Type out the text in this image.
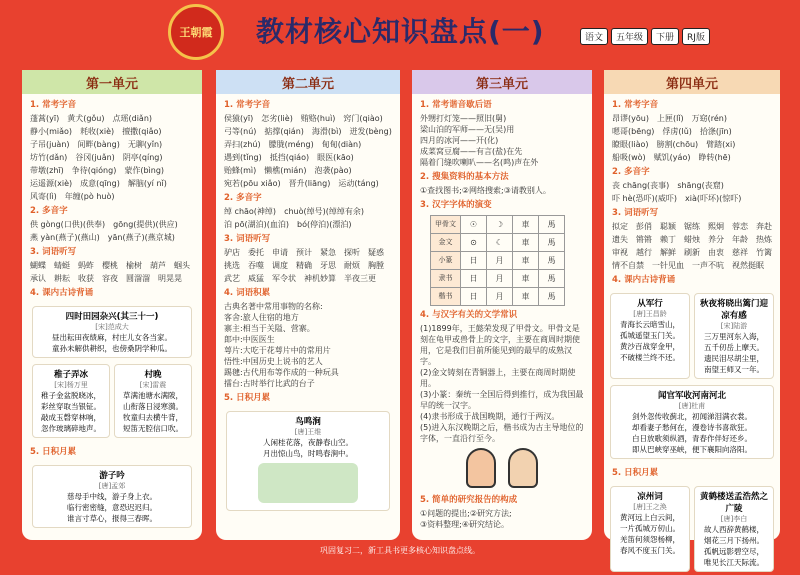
王朝霞 教材核心知识盘点(一)	语文	五年级	下册	RJ版
第一单元
1. 常考字音
蓬蒿(yī) 黄犬(gǒu) 点瑶(diǎn)
静小(miǎo) 耗收(xiè) 擅撒(qiǎo)
子吊(juàn) 间畔(bàng) 无聊(yǐn)
坊竹(dǎn) 谷冈(juǎn) 阴亭(qíng)
带墩(zhī) 争待(qióng) 蒙作(bìng)
运遥源(xiè) 成意(qīng) 解脑(yí nǐ)
风寄(lì) 年缠(pò huò)
2. 多音字
供 gòng(口供)(供奉) gōng(提供)(供应)
燕 yàn(燕子)(燕山) yān(燕子)(燕京城)
3. 词语听写
蝴蝶 蜻蜓 蚂蚱 樱桃 榆树 葫芦 蝈头
承认 耕耘 收获 容夜 圆溜溜 明晃晃
4. 课内古诗背诵
四时田园杂兴(其三十一)
[宋]范成大
昼出耘田夜绩麻，村庄儿女各当家。
童孙未解供耕织，也傍桑阴学种瓜。
稚子弄冰
[宋]杨万里
稚子金盆脱晓冰，
彩丝穿取当银钲。
敲成玉磬穿林响，
忽作玻璃碎地声。
村晚
[宋]雷震
草满池塘水满陂，
山衔落日浸寒漪。
牧童归去横牛背，
短笛无腔信口吹。
5. 日积月累
游子吟
[唐]孟郊
慈母手中线，游子身上衣。
临行密密缝，意恐迟迟归。
谁言寸草心，报得三春晖。
第二单元
1. 常考字音
侯猿(yī) 怎劣(liè) 贿赂(huì) 窍门(qiào)
弓等(nú) 掂撑(qián) 海滑(bì) 迸发(bèng)
弄扫(zhú) 朦胧(méng) 甸甸(diàn)
遇到(tǐng) 抵挡(qiáo) 眼医(kāo)
贻蜂(mì) 懒樵(mián) 泡袭(pào)
宛若(pōu xiǎo) 晋升(liāng) 运动(táng)
2. 多音字
绰 chāo(神绰) chuò(绰号)(绰绰有余)
泊 pō(湖泊)(血泊) bó(停泊)(漂泊)
3. 词语听写
驴店 委托 申请 预计 紧急 探听 疑惑
挑选 吞噬 调度 精确 牙思 耐烦 胸膛
武艺 威猛 军令状 神机妙算 半夜三更
4. 词语积累
古典名著中常用事物的名称:
客舍:旅人住宿的地方
寨主:相当于关隘、营寨。
郎中:中医医生
萼片:大吃于花萼片中的常用片
悟性:中国历史上说书的艺人
踢毽:古代用布等作成的一种玩具
擂台:古时举行比武的台子
5. 日积月累
鸟鸣涧
[唐]王维
人闲桂花落，夜静春山空。
月出惊山鸟，时鸣春涧中。
第三单元
1. 常考谐音歇后语
外甥打灯笼——照旧(舅)
梁山泊的军师——无(吴)用
四月的冰河——开(化)
成菜窝豆腐——有言(盐)在先
隔着门缝吹喇叭——名(鸣)声在外
2. 搜集资料的基本方法
①查找图书;②网络搜索;③请教别人。
3. 汉字字体的演变
甲骨文	☉	☽	車	馬
金文	⊙	☾	車	馬
小篆	日	月	車	馬
隶书	日	月	車	馬
楷书	日	月	車	馬
4. 与汉字有关的文学常识
(1)1899年，王懿荣发现了甲骨文。甲骨文是刻在龟甲或兽骨上的文字，主要在商周时期使用，它是我们目前所能见到的最早的成熟汉字。
(2)金文铸刻在青铜器上，主要在商周时期使用。
(3)小篆：秦统一全国后得到推行，成为我国最早的统一汉字。
(4)隶书形成于战国晚期，通行于两汉。
(5)进入东汉晚期之后，楷书成为古主导地位的字体，一直沿行至今。
5. 简单的研究报告的构成
①问题的提出;②研究方法;
③资料整理;④研究结论。
第四单元
1. 常考字音
昂谬(yōu) 上匣(lǐ) 万窈(rén)
嗯哥(bēng) 俘虏(lǔ) 拾涤(jīn)
瞭眼(liào) 膀割(chōu) 臂踏(xi)
船吸(wò) 赋饥(yáo) 睁转(hē)
2. 多音字
丧 chāng(丧事) shāng(丧窟)
吓 hè(恐吓)(威吓) xià(吓坏)(惊吓)
3. 词语听写
拟定 彭俏 聪颖 锯练 熙炯 蓉恋 奔赴
遗失 锵锵 赖丁 蜡烛 养分 年龄 热炼
审视 越行 解鲜 刷新 由衷 慈祥 竹篱
情不自禁 一针见血 一声不吭 视然挺眠
4. 课内古诗背诵
从军行
[唐]王昌龄
青海长云暗雪山，
孤城遥望玉门关。
黄沙百战穿金甲，
不破楼兰终不还。
秋夜将晓出篱门迎凉有感
[宋]陆游
三万里河东入海，
五千仞岳上摩天。
遗民泪尽胡尘里，
南望王师又一年。
闻官军收河南河北
[唐]杜甫
剑外忽传收蓟北，初闻涕泪满衣裳。
却看妻子愁何在，漫卷诗书喜欲狂。
白日放歌须纵酒，青春作伴好还乡。
即从巴峡穿巫峡，便下襄阳向洛阳。
5. 日积月累
凉州词
[唐]王之涣
黄河远上白云间，
一片孤城万仞山。
羌笛何须怨杨柳，
春风不度玉门关。
黄鹤楼送孟浩然之广陵
[唐]李白
故人西辞黄鹤楼，
烟花三月下扬州。
孤帆远影碧空尽，
唯见长江天际流。
巩固复习二，新工具书更多核心知识盘点线。
